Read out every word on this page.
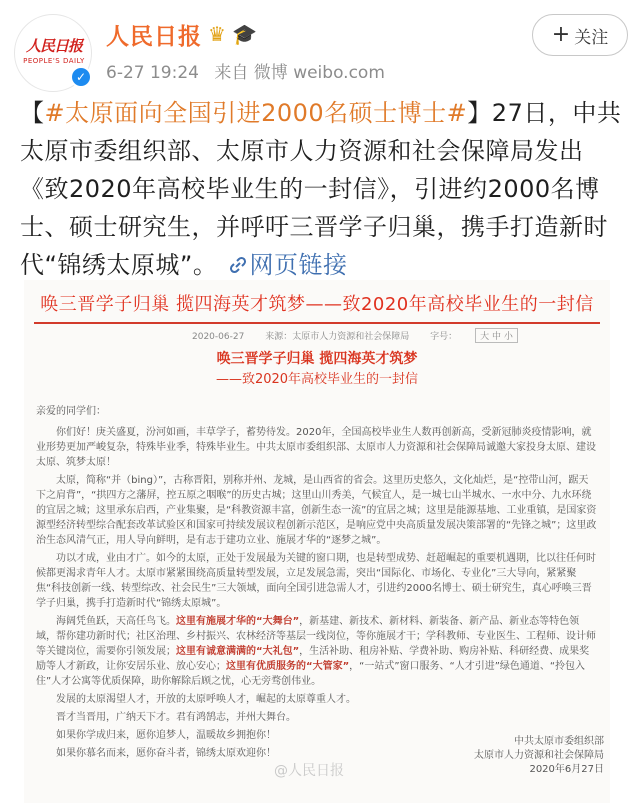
人民日报
PEOPLE'S DAILY
✓
人民日报 ♛ 🎓
6-27 19:24 来自 微博 weibo.com
+ 关注
【#太原面向全国引进2000名硕士博士#】27日，中共太原市委组织部、太原市人力资源和社会保障局发出《致2020年高校毕业生的一封信》，引进约2000名博士、硕士研究生，并呼吁三晋学子归巢，携手打造新时代“锦绣太原城”。 网页链接
唤三晋学子归巢 揽四海英才筑梦——致2020年高校毕业生的一封信
2020-06-27 来源：太原市人力资源和社会保障局 字号：	大 中 小
唤三晋学子归巢 揽四海英才筑梦
——致2020年高校毕业生的一封信

亲爱的同学们：

你们好！庚关盛夏，汾河如画，丰草学子，蓄势待发。2020年，全国高校毕业生人数再创新高，受新冠肺炎疫情影响，就业形势更加严峻复杂，特殊毕业季，特殊毕业生。中共太原市委组织部、太原市人力资源和社会保障局诚邀大家投身太原、建设太原、筑梦太原！

太原，简称“并（bing）”，古称晋阳，别称并州、龙城，是山西省的省会。这里历史悠久，文化灿烂，是“控带山河，踞天下之肩背”，“拱四方之藩屏，控五原之咽喉”的历史古城；这里山川秀美，气候宜人，是一城七山半城水、一水中分、九水环绕的宜居之城；这里承东启西，产业集聚，是“科教资源丰富，创新生态一流”的宜居之城；这里是能源基地、工业重镇，是国家资源型经济转型综合配套改革试验区和国家可持续发展议程创新示范区，是响应党中央高质量发展决策部署的“先锋之城”；这里政治生态风清气正，用人导向鲜明，是有志于建功立业、施展才华的“逐梦之城”。

功以才成，业由才广。如今的太原，正处于发展最为关键的窗口期，也是转型成势、赶超崛起的重要机遇期，比以往任何时候都更渴求青年人才。太原市紧紧围绕高质量转型发展，立足发展急需，突出“国际化、市场化、专业化”三大导向，紧紧聚焦“科技创新一线、转型综改、社会民生”三大领域，面向全国引进急需人才，引进约2000名博士、硕士研究生，真心呼唤三晋学子归巢，携手打造新时代“锦绣太原城”。

海阔凭鱼跃，天高任鸟飞。这里有施展才华的“大舞台”，新基建、新技术、新材料、新装备、新产品、新业态等特色领域，帮你建功新时代；社区治理、乡村振兴、农林经济等基层一线岗位，等你施展才干；学科教师、专业医生、工程师、设计师等关键岗位，需要你引领发展；这里有诚意满满的“大礼包”，生活补助、租房补贴、学费补助、购房补贴、科研经费、成果奖励等人才新政，让你安居乐业、放心安心；这里有优质服务的“大管家”，“一站式”窗口服务、“人才引进”绿色通道、“拎包入住”人才公寓等优质保障，助你解除后顾之忧，心无旁骛创伟业。

发展的太原渴望人才，开放的太原呼唤人才，崛起的太原尊重人才。

晋才当晋用，广纳天下才。君有鸿鹄志，并州大舞台。

如果你学成归来，愿你追梦人，温暖故乡拥抱你！

如果你慕名而来，愿你奋斗者，锦绣太原欢迎你！

中共太原市委组织部
太原市人力资源和社会保障局
2020年6月27日
@人民日报
